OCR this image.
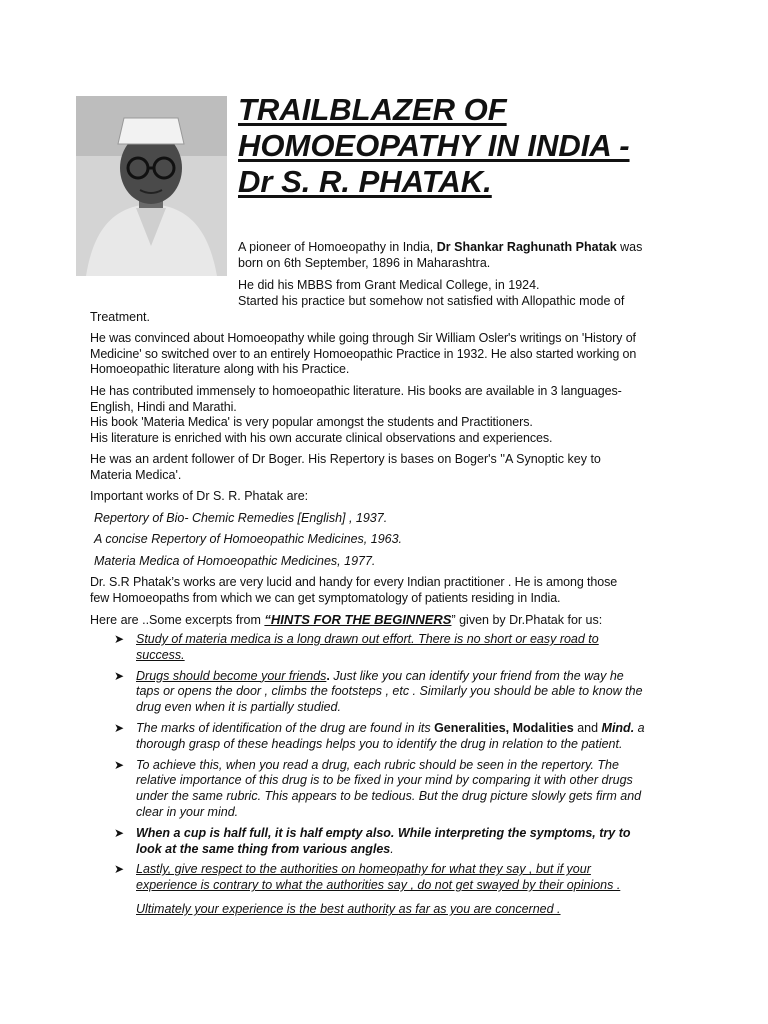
TRAILBLAZER OF
HOMOEOPATHY IN INDIA -
Dr S. R. PHATAK.
A pioneer of Homoeopathy in India, Dr Shankar Raghunath Phatak was
born on 6th September, 1896 in Maharashtra.
He did his MBBS from Grant Medical College, in 1924.
Started his practice but somehow not satisfied with Allopathic mode of
Treatment.
He was convinced about Homoeopathy while going through Sir William Osler's writings on 'History of
Medicine' so switched over to an entirely Homoeopathic Practice in 1932. He also started working on
Homoeopathic literature along with his Practice.
He has contributed immensely to homoeopathic literature. His books are available in 3 languages-
English, Hindi and Marathi.
His book 'Materia Medica' is very popular amongst the students and Practitioners.
His literature is enriched with his own accurate clinical observations and experiences.
He was an ardent follower of Dr Boger. His Repertory is bases on Boger's ''A Synoptic key to
Materia Medica'.
Important works of Dr S. R. Phatak are:
Repertory of Bio- Chemic Remedies [English] , 1937.
A concise Repertory of Homoeopathic Medicines, 1963.
Materia Medica of Homoeopathic Medicines, 1977.
Dr. S.R Phatak’s works are very lucid and handy for every Indian practitioner . He is among those
few Homoeopaths from which we can get symptomatology of patients residing in India.
Here are ..Some excerpts from “HINTS FOR THE BEGINNERS” given by Dr.Phatak for us:
➤ Study of materia medica is a long drawn out effort. There is no short or easy road to
success.
➤ Drugs should become your friends. Just like you can identify your friend from the way he
taps or opens the door , climbs the footsteps , etc . Similarly you should be able to know the
drug even when it is partially studied.
➤ The marks of identification of the drug are found in its Generalities, Modalities and Mind. a
thorough grasp of these headings helps you to identify the drug in relation to the patient.
➤ To achieve this, when you read a drug, each rubric should be seen in the repertory. The
relative importance of this drug is to be fixed in your mind by comparing it with other drugs
under the same rubric. This appears to be tedious. But the drug picture slowly gets firm and
clear in your mind.
➤ When a cup is half full, it is half empty also. While interpreting the symptoms, try to
look at the same thing from various angles.
➤ Lastly, give respect to the authorities on homeopathy for what they say , but if your
experience is contrary to what the authorities say , do not get swayed by their opinions .
Ultimately your experience is the best authority as far as you are concerned .
